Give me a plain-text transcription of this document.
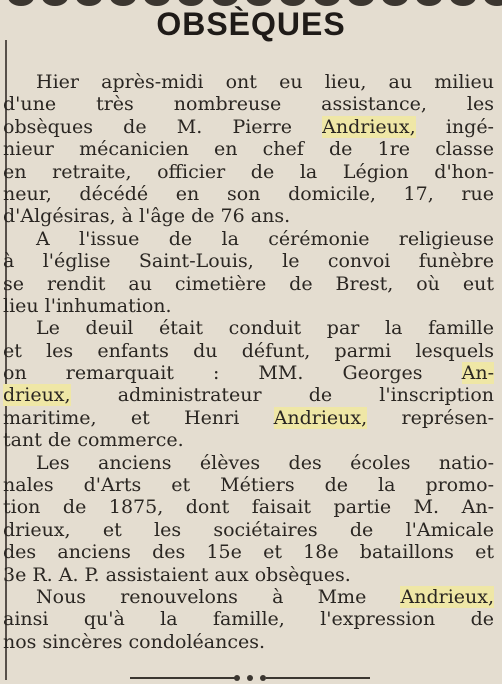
OBSÈQUES
Hier après-midi ont eu lieu, au milieu
d'une très nombreuse assistance, les
obsèques de M. Pierre Andrieux, ingé-
nieur mécanicien en chef de 1re classe
en retraite, officier de la Légion d'hon-
neur, décédé en son domicile, 17, rue
d'Algésiras, à l'âge de 76 ans.
A l'issue de la cérémonie religieuse
à l'église Saint-Louis, le convoi funèbre
se rendit au cimetière de Brest, où eut
lieu l'inhumation.
Le deuil était conduit par la famille
et les enfants du défunt, parmi lesquels
on remarquait : MM. Georges An-
drieux, administrateur de l'inscription
maritime, et Henri Andrieux, représen-
tant de commerce.
Les anciens élèves des écoles natio-
nales d'Arts et Métiers de la promo-
tion de 1875, dont faisait partie M. An-
drieux, et les sociétaires de l'Amicale
des anciens des 15e et 18e bataillons et
3e R. A. P. assistaient aux obsèques.
Nous renouvelons à Mme Andrieux,
ainsi qu'à la famille, l'expression de
nos sincères condoléances.
